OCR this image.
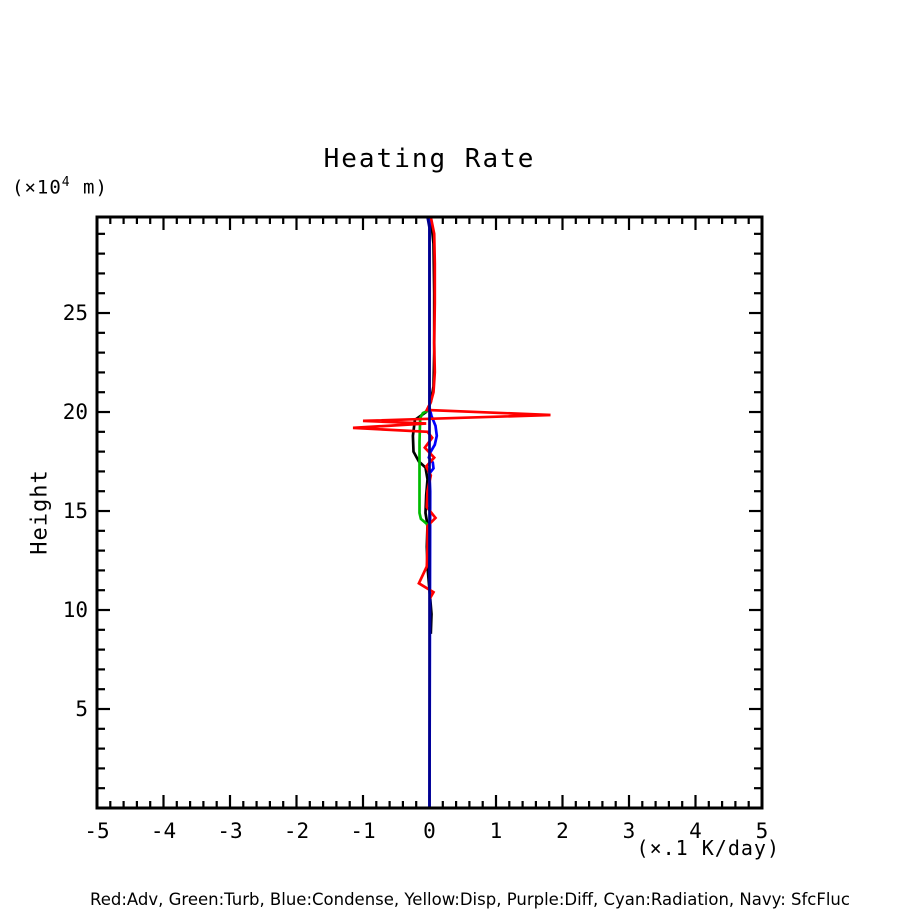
Heating Rate
($\times 10^4$ m)
Height
-5 -4 -3 -2 -1 0	1	2	3	4	5
5
10
15
20
25
(×.1 K/day)
Red:Adv, Green:Turb, Blue:Condense, Yellow:Disp, Purple:Diff, Cyan:Radiation, Navy: SfcFluc
